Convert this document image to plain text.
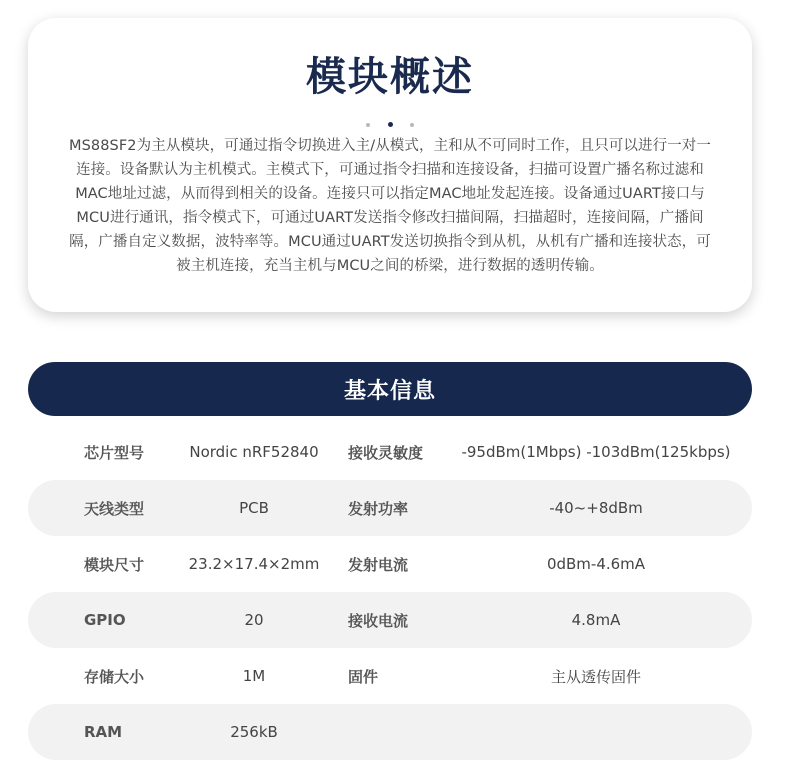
模块概述

MS88SF2为主从模块，可通过指令切换进入主/从模式，主和从不可同时工作，且只可以进行一对一连接。设备默认为主机模式。主模式下，可通过指令扫描和连接设备，扫描可设置广播名称过滤和MAC地址过滤，从而得到相关的设备。连接只可以指定MAC地址发起连接。设备通过UART接口与MCU进行通讯，指令模式下，可通过UART发送指令修改扫描间隔，扫描超时，连接间隔，广播间隔，广播自定义数据，波特率等。MCU通过UART发送切换指令到从机，从机有广播和连接状态，可被主机连接，充当主机与MCU之间的桥梁，进行数据的透明传输。

基本信息
芯片型号	Nordic nRF52840	接收灵敏度	-95dBm(1Mbps) -103dBm(125kbps)
天线类型	PCB	发射功率	-40~+8dBm
模块尺寸	23.2×17.4×2mm	发射电流	0dBm-4.6mA
GPIO	20	接收电流	4.8mA
存储大小	1M	固件	主从透传固件
RAM	256kB
